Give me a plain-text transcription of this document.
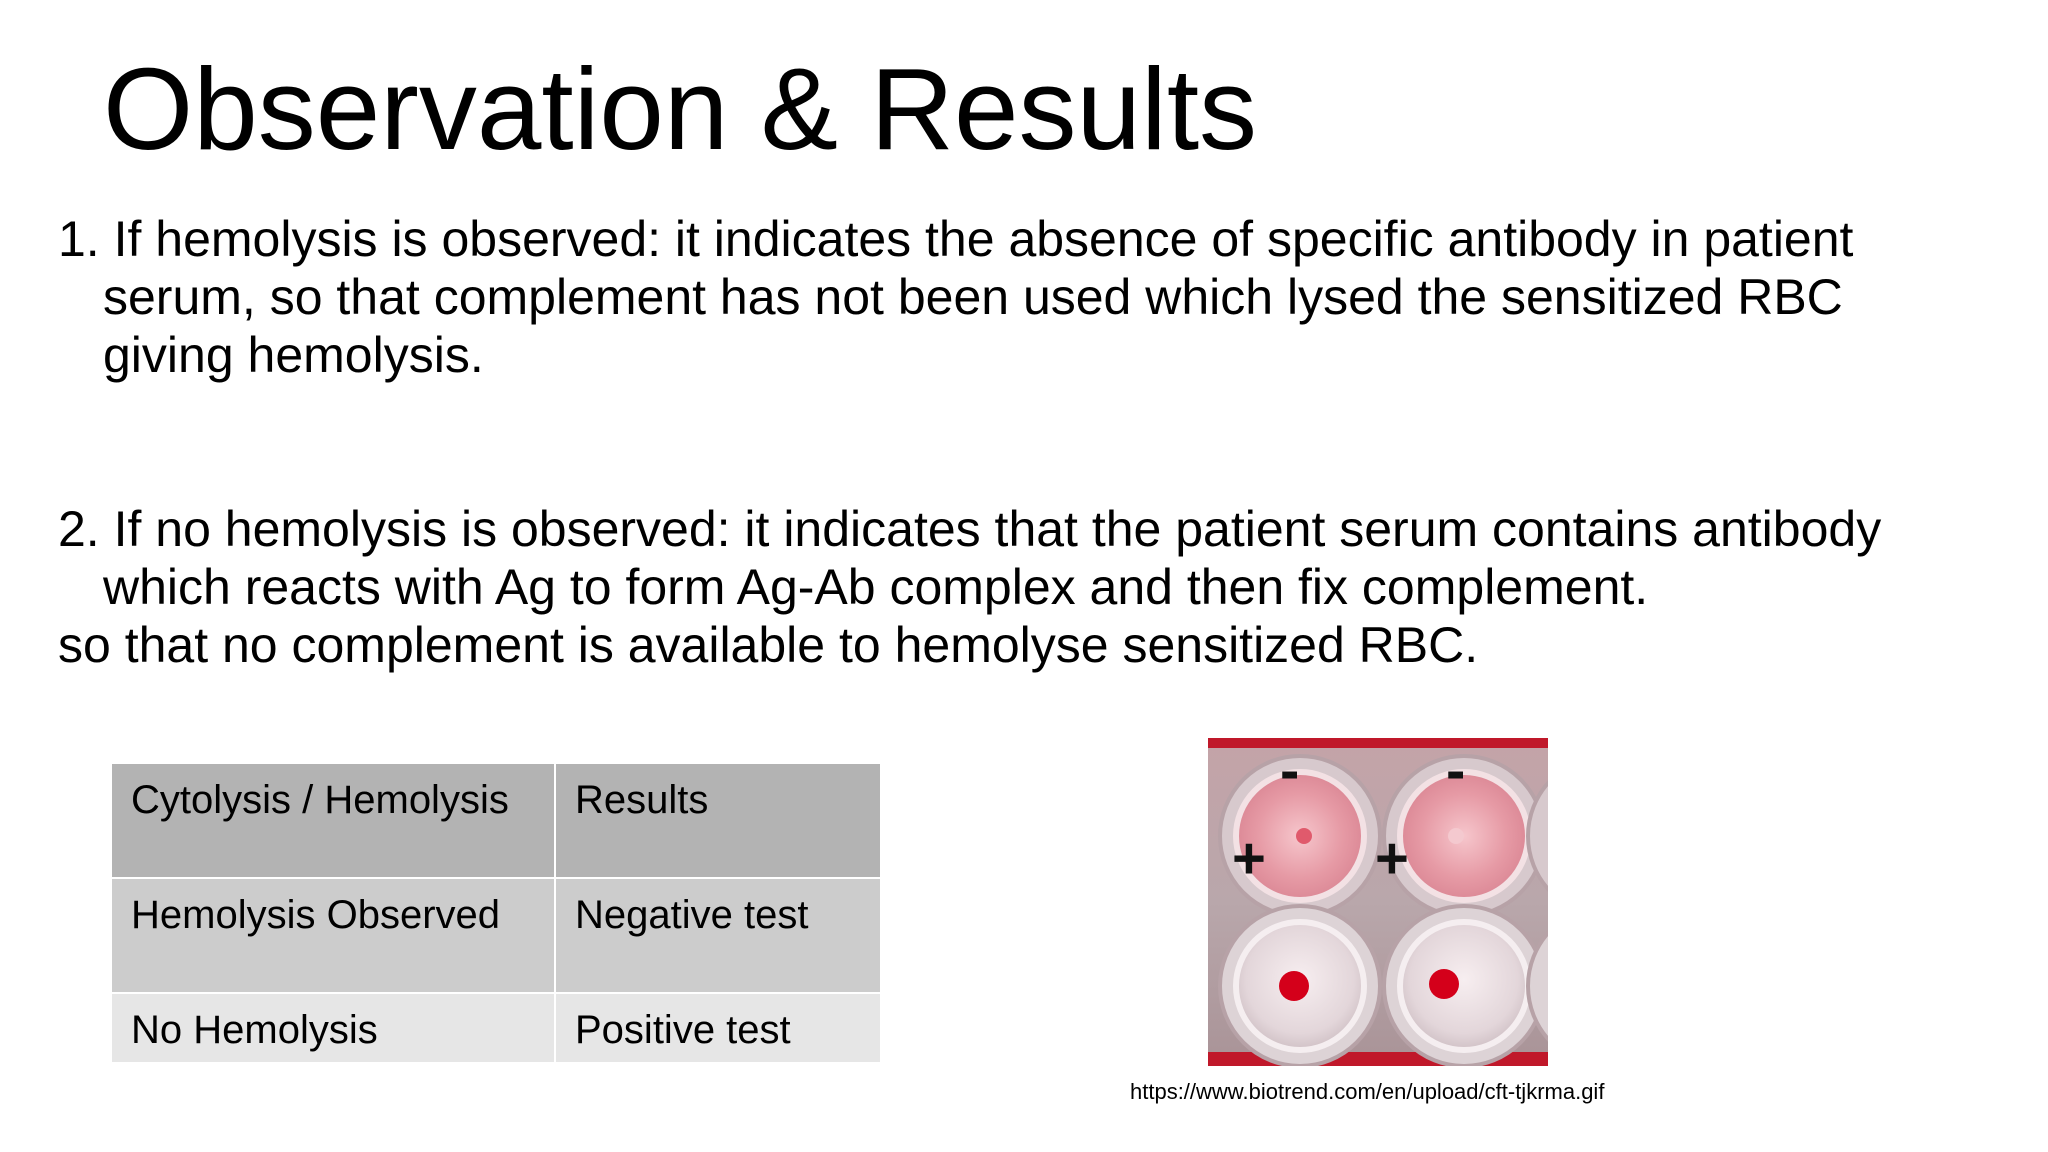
Observation & Results
1. If hemolysis is observed: it indicates the absence of specific antibody in patient
serum, so that complement has not been used which lysed the sensitized RBC
giving hemolysis.
2. If no hemolysis is observed: it indicates that the patient serum contains antibody
which reacts with Ag to form Ag-Ab complex and then fix complement.
so that no complement is available to hemolyse sensitized RBC.
Cytolysis / Hemolysis	Results
Hemolysis Observed	Negative test
No Hemolysis	Positive test
-	-
+ +
https://www.biotrend.com/en/upload/cft-tjkrma.gif
